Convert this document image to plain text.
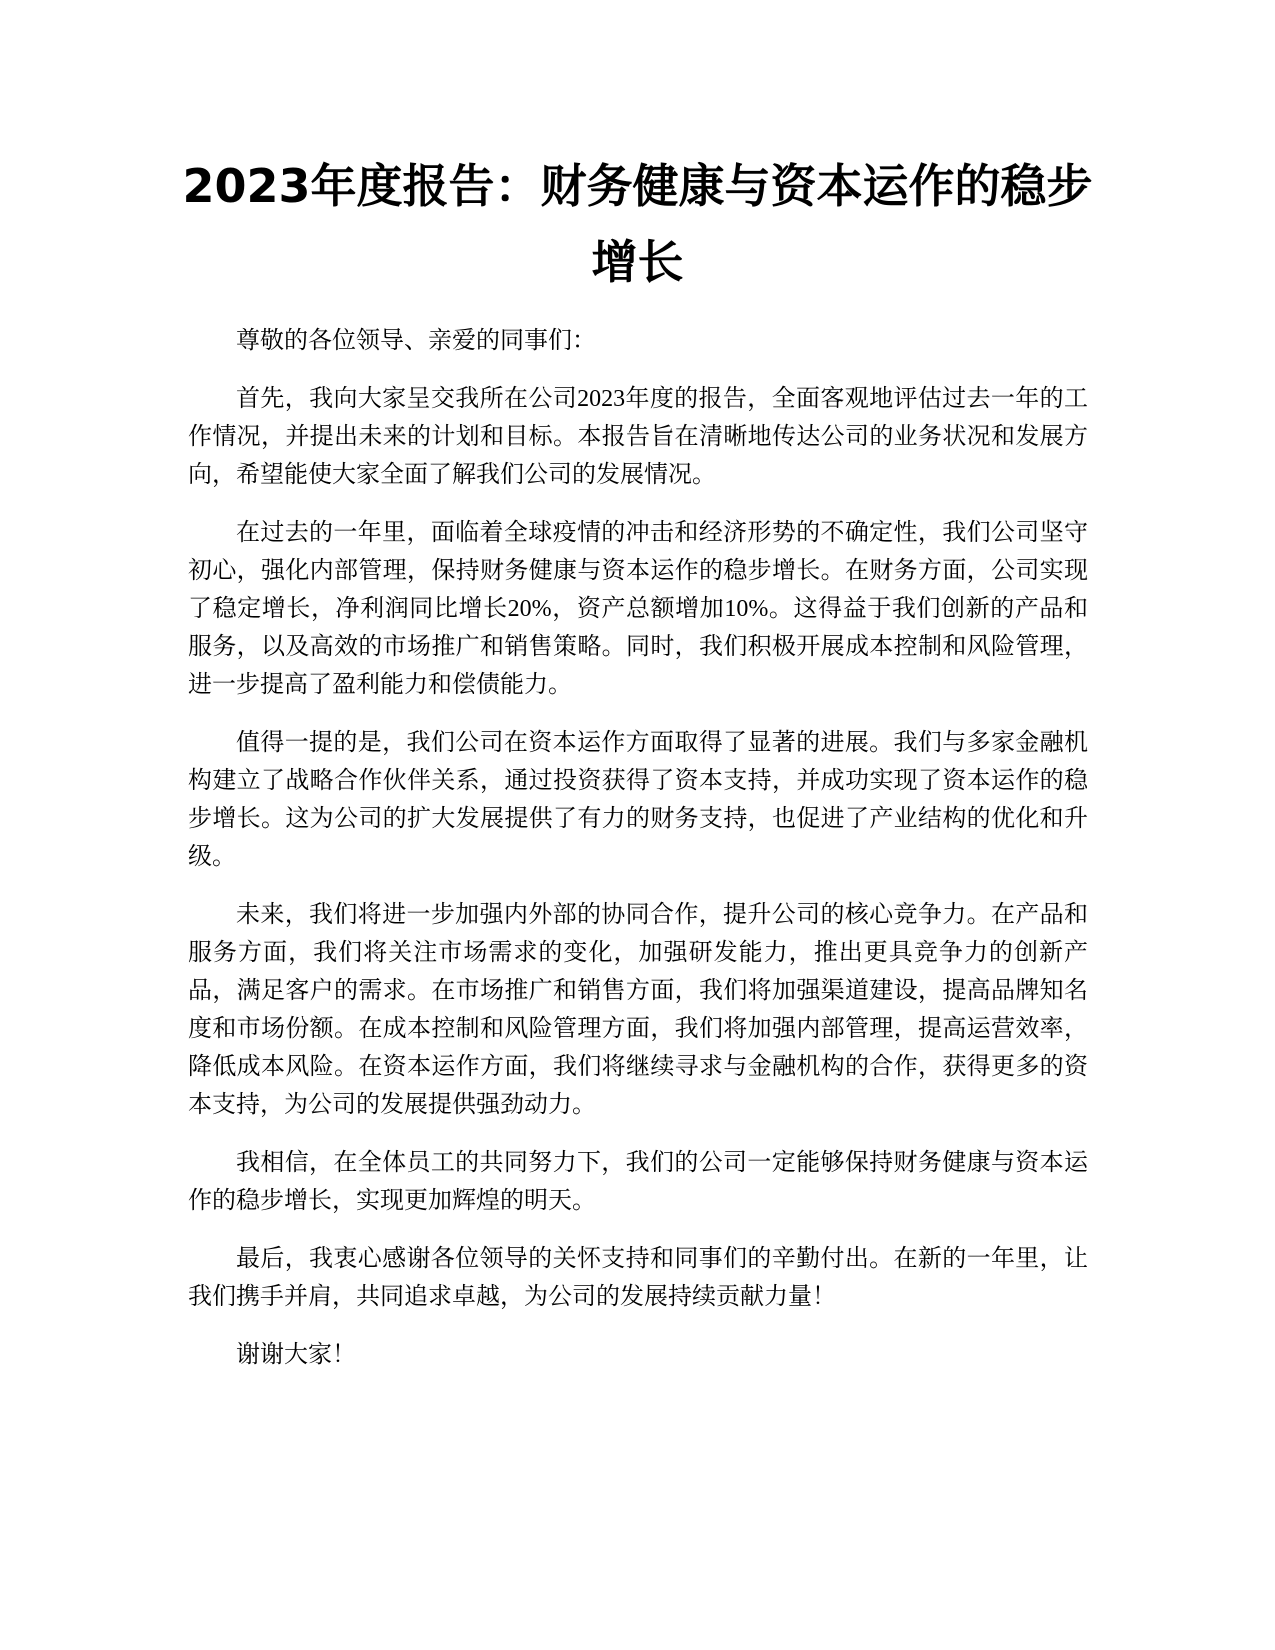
2023年度报告：财务健康与资本运作的稳步增长

尊敬的各位领导、亲爱的同事们：

首先，我向大家呈交我所在公司2023年度的报告，全面客观地评估过去一年的工作情况，并提出未来的计划和目标。本报告旨在清晰地传达公司的业务状况和发展方向，希望能使大家全面了解我们公司的发展情况。

在过去的一年里，面临着全球疫情的冲击和经济形势的不确定性，我们公司坚守初心，强化内部管理，保持财务健康与资本运作的稳步增长。在财务方面，公司实现了稳定增长，净利润同比增长20%，资产总额增加10%。这得益于我们创新的产品和服务，以及高效的市场推广和销售策略。同时，我们积极开展成本控制和风险管理，进一步提高了盈利能力和偿债能力。

值得一提的是，我们公司在资本运作方面取得了显著的进展。我们与多家金融机构建立了战略合作伙伴关系，通过投资获得了资本支持，并成功实现了资本运作的稳步增长。这为公司的扩大发展提供了有力的财务支持，也促进了产业结构的优化和升级。

未来，我们将进一步加强内外部的协同合作，提升公司的核心竞争力。在产品和服务方面，我们将关注市场需求的变化，加强研发能力，推出更具竞争力的创新产品，满足客户的需求。在市场推广和销售方面，我们将加强渠道建设，提高品牌知名度和市场份额。在成本控制和风险管理方面，我们将加强内部管理，提高运营效率，降低成本风险。在资本运作方面，我们将继续寻求与金融机构的合作，获得更多的资本支持，为公司的发展提供强劲动力。

我相信，在全体员工的共同努力下，我们的公司一定能够保持财务健康与资本运作的稳步增长，实现更加辉煌的明天。

最后，我衷心感谢各位领导的关怀支持和同事们的辛勤付出。在新的一年里，让我们携手并肩，共同追求卓越，为公司的发展持续贡献力量！

谢谢大家！
